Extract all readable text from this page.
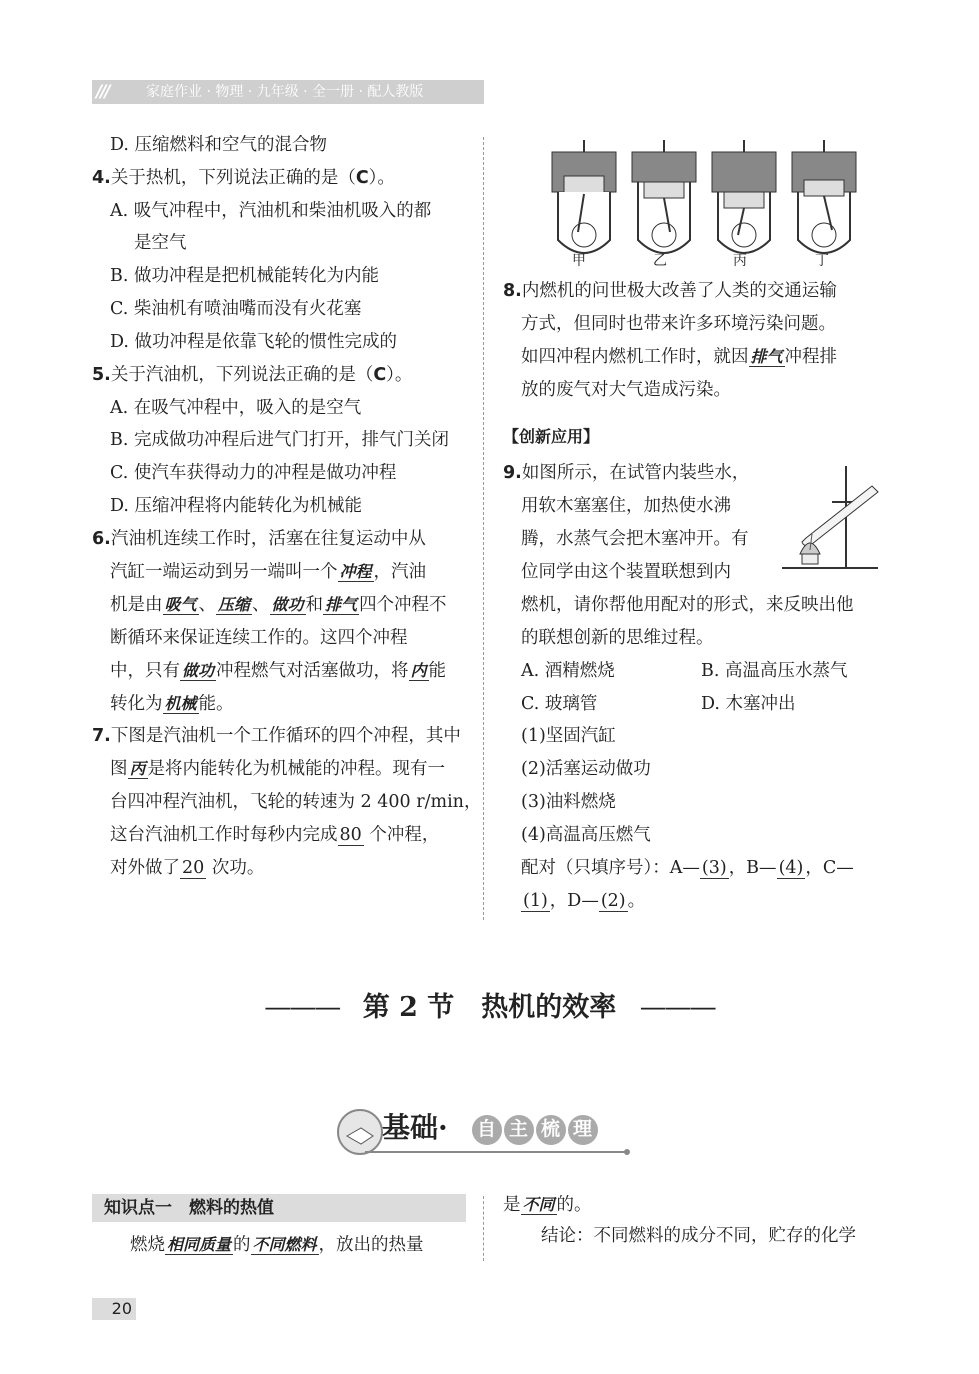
///	家庭作业 · 物理 · 九年级 · 全一册 · 配人教版
D. 压缩燃料和空气的混合物
4.关于热机，下列说法正确的是（C）。
A. 吸气冲程中，汽油机和柴油机吸入的都
是空气
B. 做功冲程是把机械能转化为内能
C. 柴油机有喷油嘴而没有火花塞
D. 做功冲程是依靠飞轮的惯性完成的
5.关于汽油机，下列说法正确的是（C）。
A. 在吸气冲程中，吸入的是空气
B. 完成做功冲程后进气门打开，排气门关闭
C. 使汽车获得动力的冲程是做功冲程
D. 压缩冲程将内能转化为机械能
6.汽油机连续工作时，活塞在往复运动中从
汽缸一端运动到另一端叫一个 冲程 ，汽油
机是由 吸气 、 压缩 、 做功 和 排气 四个冲程不
断循环来保证连续工作的。这四个冲程
中，只有 做功 冲程燃气对活塞做功，将 内 能
转化为 机械 能。
7.下图是汽油机一个工作循环的四个冲程，其中
图 丙 是将内能转化为机械能的冲程。现有一
台四冲程汽油机，飞轮的转速为 2 400 r/min，
这台汽油机工作时每秒内完成 80 个冲程，
对外做了 20 次功。
甲	乙	丙	丁
8.内燃机的问世极大改善了人类的交通运输
方式，但同时也带来许多环境污染问题。
如四冲程内燃机工作时，就因 排气 冲程排
放的废气对大气造成污染。
【创新应用】
9.如图所示，在试管内装些水，
用软木塞塞住，加热使水沸
腾，水蒸气会把木塞冲开。有
位同学由这个装置联想到内
燃机，请你帮他用配对的形式，来反映出他
的联想创新的思维过程。
A. 酒精燃烧	B. 高温高压水蒸气
C. 玻璃管	D. 木塞冲出
(1)坚固汽缸
(2)活塞运动做功
(3)油料燃烧
(4)高温高压燃气
配对（只填序号）：A— (3) ，B— (4) ，C—
(1) ，D— (2) 。
——— 第 2 节　热机的效率 ———
基础· 自 主 梳 理
知识点一　燃料的热值
燃烧 相同质量 的 不同燃料 ，放出的热量
是 不同 的。
结论：不同燃料的成分不同，贮存的化学
20
